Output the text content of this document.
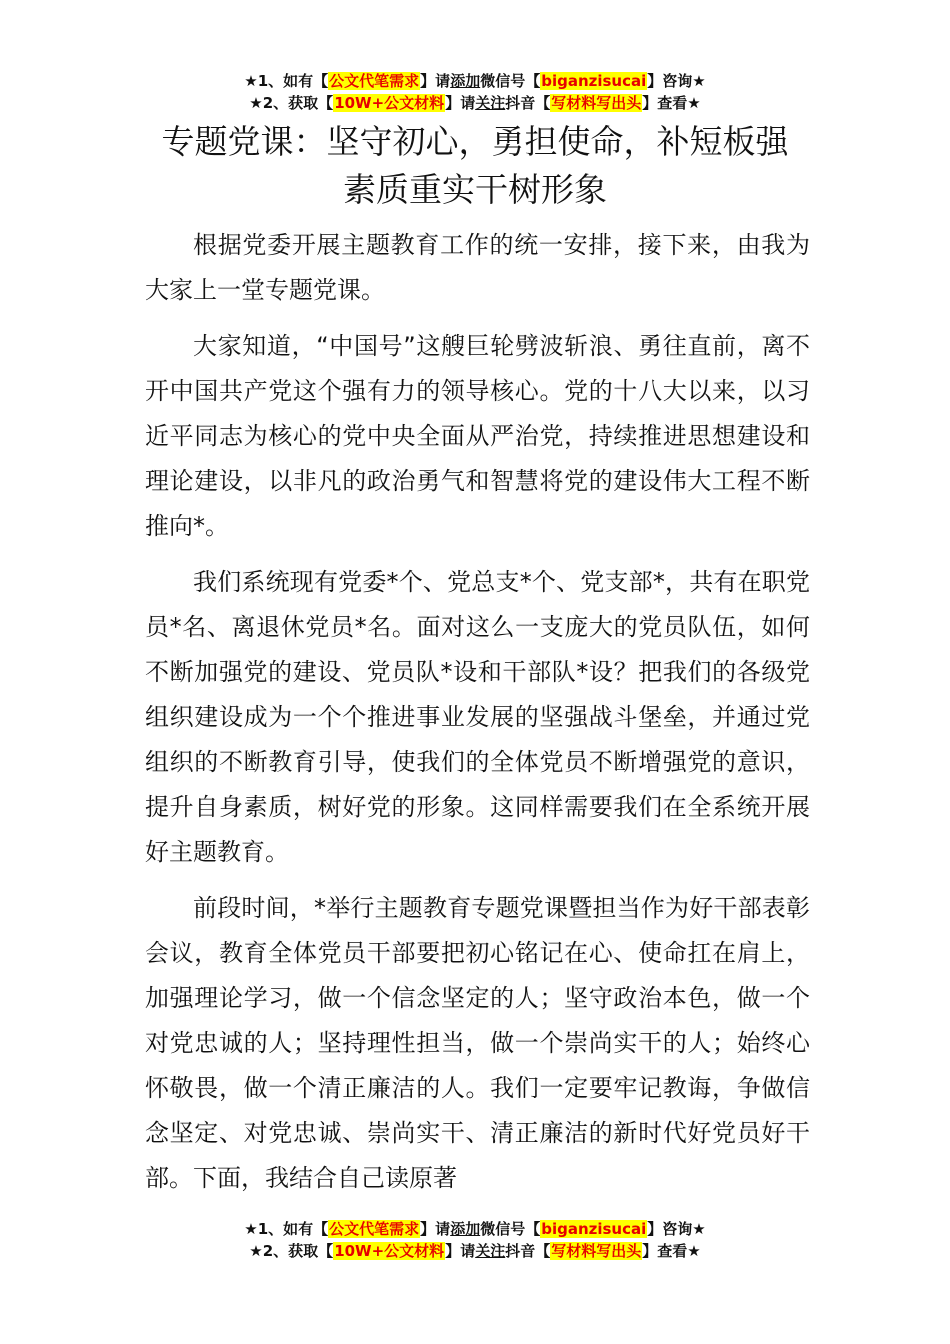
★1、如有【公文代笔需求】请添加微信号【biganzisucai】咨询★
★2、获取【10W+公文材料】请关注抖音【写材料写出头】查看★
专题党课：坚守初心，勇担使命，补短板强
素质重实干树形象

根据党委开展主题教育工作的统一安排，接下来，由我为大家上一堂专题党课。

大家知道，“中国号”这艘巨轮劈波斩浪、勇往直前，离不开中国共产党这个强有力的领导核心。党的十八大以来，以习近平同志为核心的党中央全面从严治党，持续推进思想建设和理论建设，以非凡的政治勇气和智慧将党的建设伟大工程不断推向*。

我们系统现有党委*个、党总支*个、党支部*，共有在职党员*名、离退休党员*名。面对这么一支庞大的党员队伍，如何不断加强党的建设、党员队*设和干部队*设？把我们的各级党组织建设成为一个个推进事业发展的坚强战斗堡垒，并通过党组织的不断教育引导，使我们的全体党员不断增强党的意识，提升自身素质，树好党的形象。这同样需要我们在全系统开展好主题教育。

前段时间，*举行主题教育专题党课暨担当作为好干部表彰会议，教育全体党员干部要把初心铭记在心、使命扛在肩上，加强理论学习，做一个信念坚定的人；坚守政治本色，做一个对党忠诚的人；坚持理性担当，做一个崇尚实干的人；始终心怀敬畏，做一个清正廉洁的人。我们一定要牢记教诲，争做信念坚定、对党忠诚、崇尚实干、清正廉洁的新时代好党员好干部。下面，我结合自己读原著

★1、如有【公文代笔需求】请添加微信号【biganzisucai】咨询★
★2、获取【10W+公文材料】请关注抖音【写材料写出头】查看★
